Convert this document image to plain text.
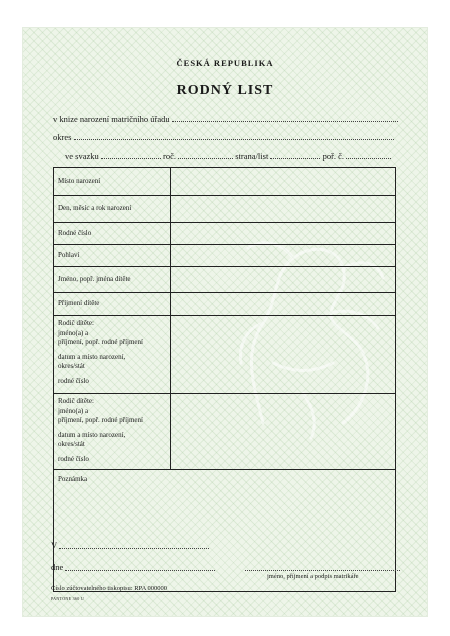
ČESKÁ REPUBLIKA
RODNÝ LIST
v knize narození matričního úřadu
okres
ve svazku	roč.	strana/list	poř. č.
Místo narození
Den, měsíc a rok narození
Rodné číslo
Pohlaví
Jméno, popř. jména dítěte
Příjmení dítěte
Rodič dítěte:
jméno(a) a
příjmení, popř. rodné příjmení
datum a místo narození,
okres/stát
rodné číslo
Rodič dítěte:
jméno(a) a
příjmení, popř. rodné příjmení
datum a místo narození,
okres/stát
rodné číslo
Poznámka
V
dne
jméno, příjmení a podpis matrikáře
Číslo zúčtovatelného tiskopisu: RPA 000000
PANTONE 360 U
